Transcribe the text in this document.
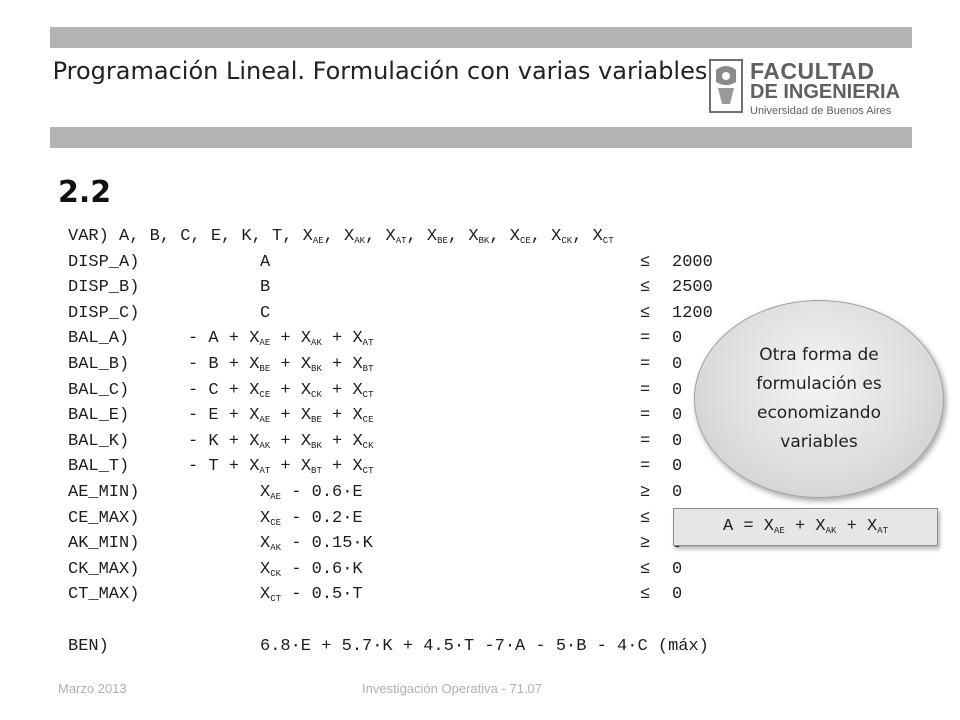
Programación Lineal. Formulación con varias variables FACULTAD
DE INGENIERIA
Universidad de Buenos Aires
2.2
VAR) A, B, C, E, K, T, $X_{AE}$, $X_{AK}$, $X_{AT}$, $X_{BE}$, $X_{BK}$, $X_{CE}$, $X_{CK}$, $X_{CT}$
DISP_A)	A	≤ 2000
DISP_B)	B	≤ 2500
DISP_C)	C	≤ 1200
BAL_A)	- $A + X_{AE} + X_{AK} + X_{AT}$	= 0
BAL_B)	- $B + X_{BE} + X_{BK} + X_{BT}$	= 0
BAL_C)	- $C + X_{CE} + X_{CK} + X_{CT}$	= 0
BAL_E)	- $E + X_{AE} + X_{BE} + X_{CE}$	= 0
BAL_K)	- $K + X_{AK} + X_{BK} + X_{CK}$	= 0
BAL_T)	- $T + X_{AT} + X_{BT} + X_{CT}$	= 0
AE_MIN)	$X_{AE} - 0.6\cdot E$	≥ 0
CE_MAX)	$X_{CE} - 0.2\cdot E$	≤
AK_MIN)	$X_{AK} - 0.15\cdot K$	≥
CK_MAX)	$X_{CK} - 0.6\cdot K$	≤ 0
CT_MAX)	$X_{CT} - 0.5\cdot T$	≤ 0
BEN)	6.8·E + 5.7·K + 4.5·T -7·A - 5·B - 4·C (máx)
Otra forma de formulación es economizando variables
$A = X_{AE} + X_{AK} + X_{AT}$
Marzo 2013	Investigación Operativa - 71.07
